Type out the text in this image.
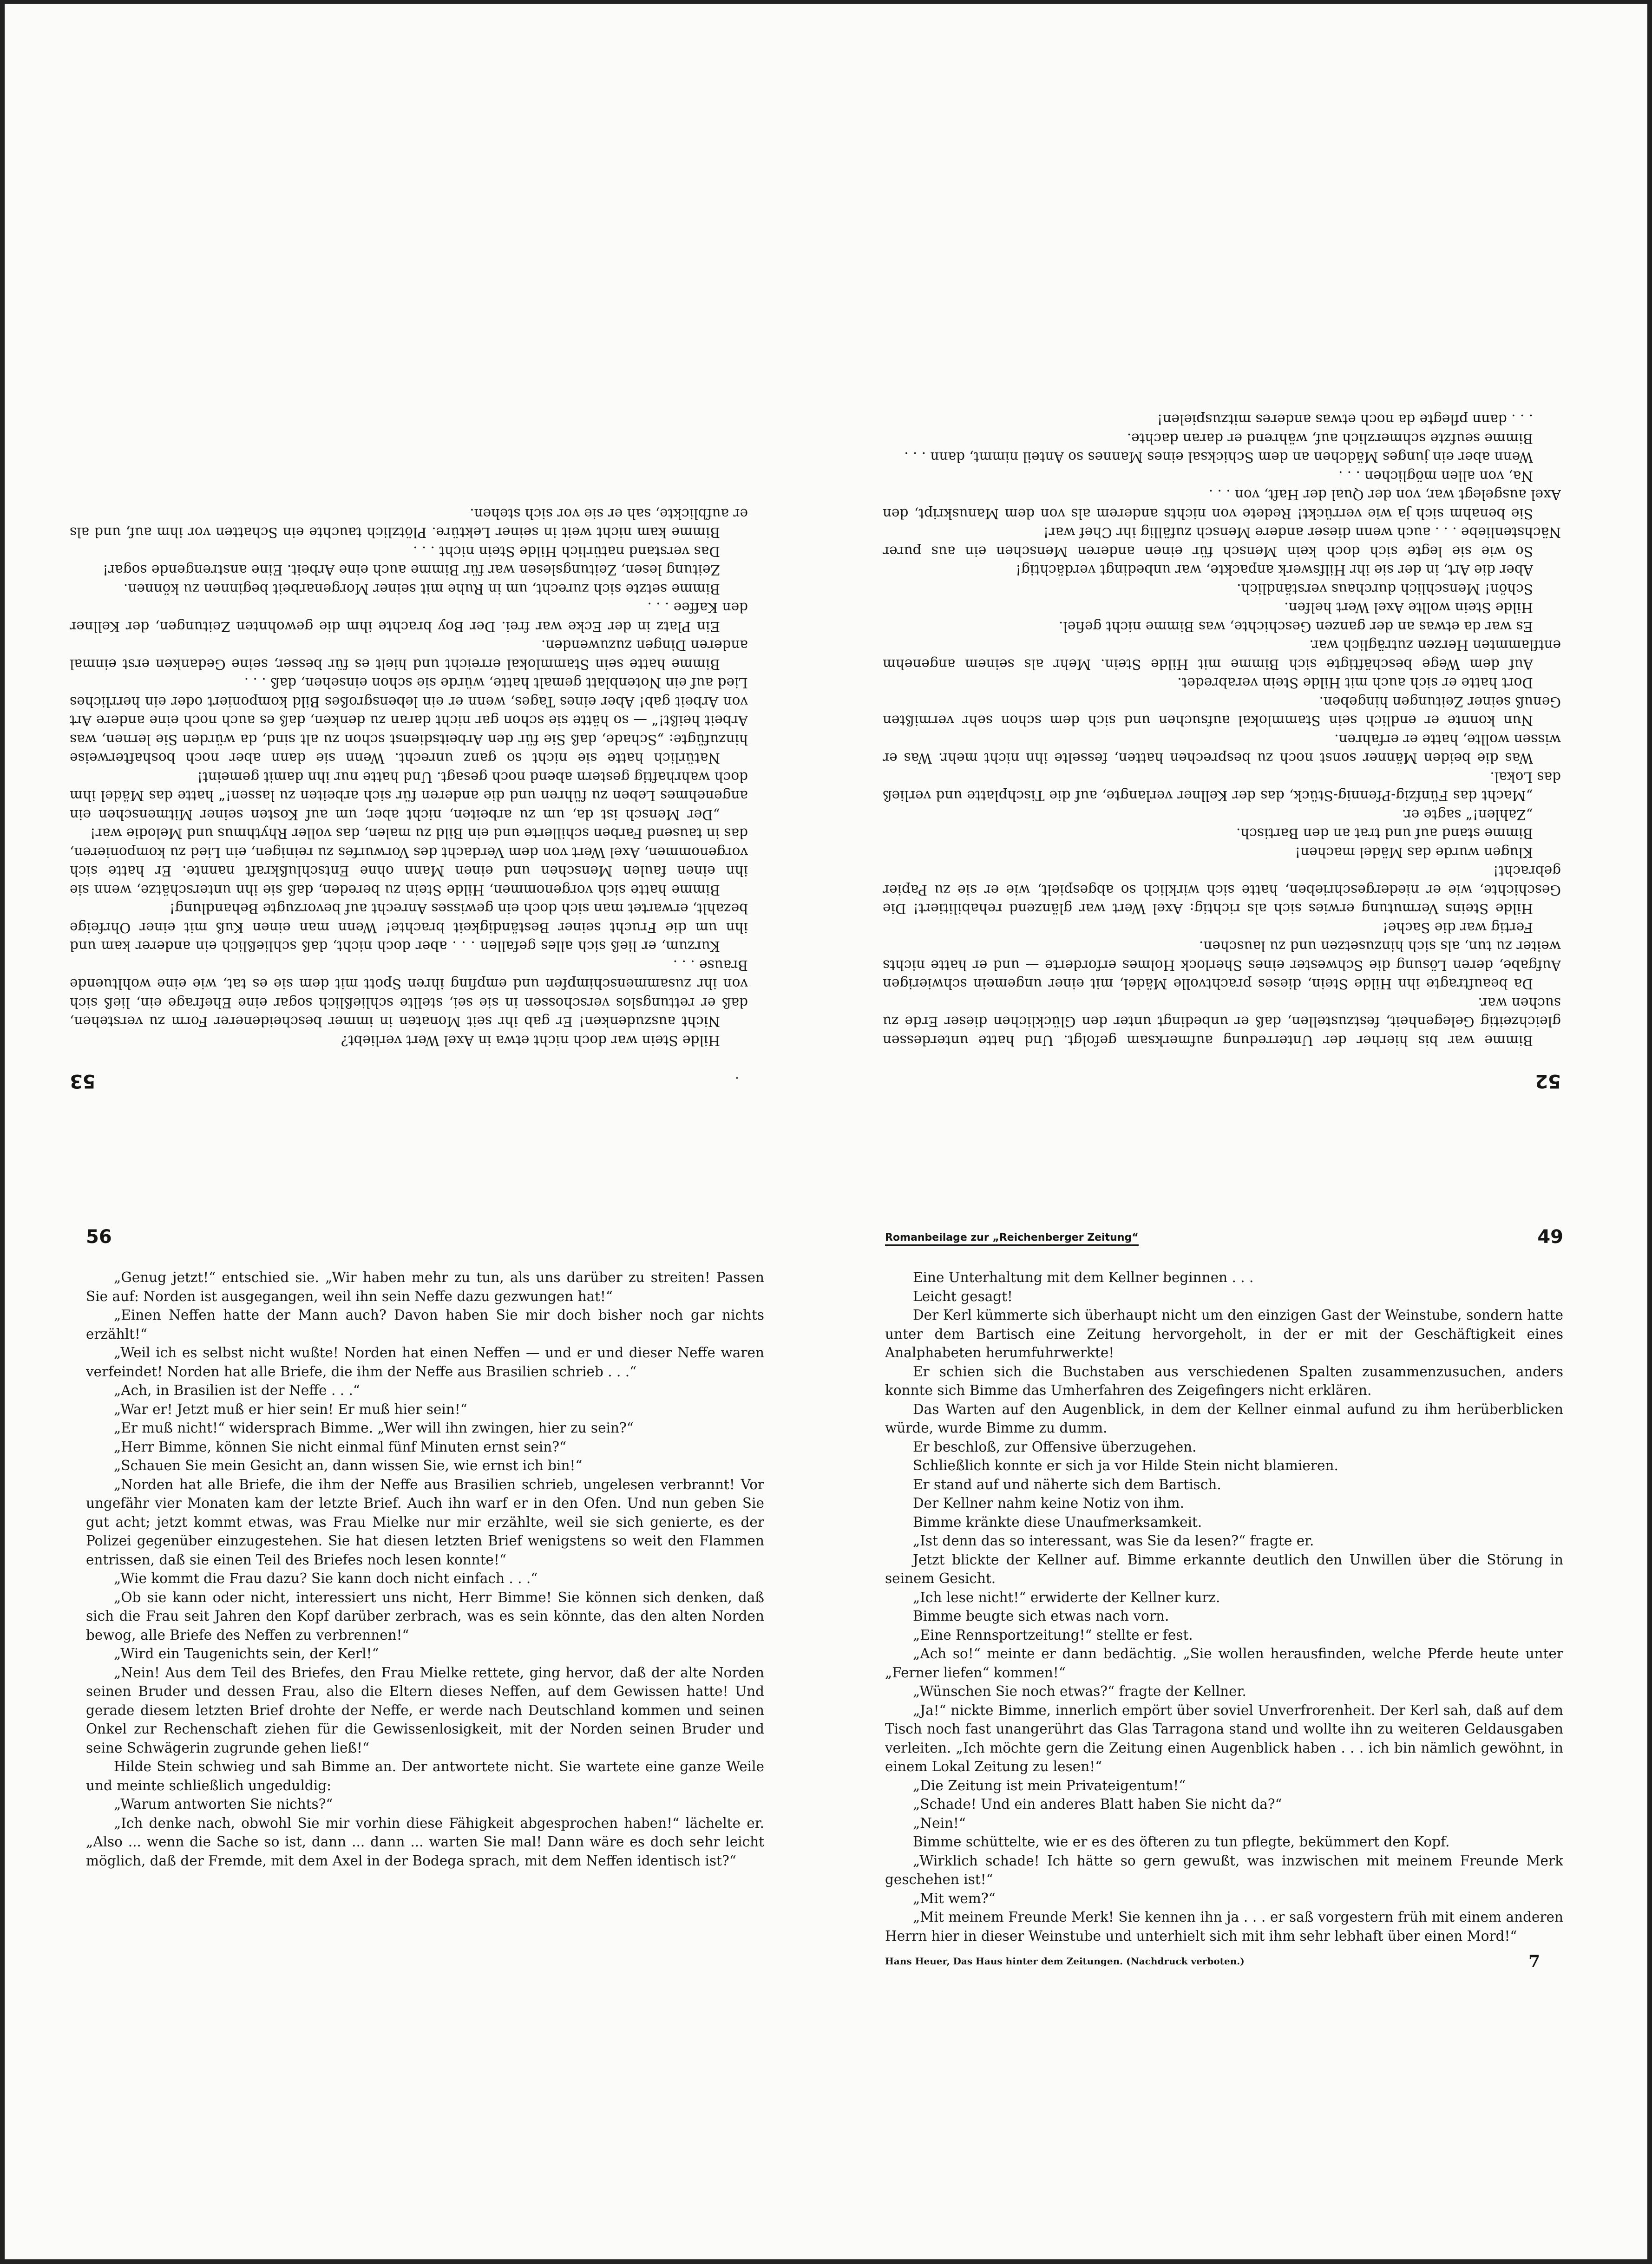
53

Hilde Stein war doch nicht etwa in Axel Wert verliebt?

Nicht auszudenken! Er gab ihr seit Monaten in immer bescheidenerer Form zu verstehen, daß er rettungslos verschossen in sie sei, stellte schließlich sogar eine Ehefrage ein, ließ sich von ihr zusammenschimpfen und empfing ihren Spott mit dem sie es tat, wie eine wohltuende Brause . . .

Kurzum, er ließ sich alles gefallen . . . aber doch nicht, daß schließlich ein anderer kam und ihn um die Frucht seiner Beständigkeit brachte! Wenn man einen Kuß mit einer Ohrfeige bezahlt, erwartet man sich doch ein gewisses Anrecht auf bevorzugte Behandlung!

Bimme hatte sich vorgenommen, Hilde Stein zu bereden, daß sie ihn unterschätze, wenn sie ihn einen faulen Menschen und einen Mann ohne Entschlußkraft nannte. Er hatte sich vorgenommen, Axel Wert von dem Verdacht des Vorwurfes zu reinigen, ein Lied zu komponieren, das in tausend Farben schillerte und ein Bild zu malen, das voller Rhythmus und Melodie war!

„Der Mensch ist da, um zu arbeiten, nicht aber, um auf Kosten seiner Mitmenschen ein angenehmes Leben zu führen und die anderen für sich arbeiten zu lassen!“ hatte das Mädel ihm doch wahrhaftig gestern abend noch gesagt. Und hatte nur ihn damit gemeint!

Natürlich hatte sie nicht so ganz unrecht. Wenn sie dann aber noch boshafterweise hinzufügte: „Schade, daß Sie für den Arbeitsdienst schon zu alt sind, da würden Sie lernen, was Arbeit heißt!“ — so hätte sie schon gar nicht daran zu denken, daß es auch noch eine andere Art von Arbeit gab! Aber eines Tages, wenn er ein lebensgroßes Bild komponiert oder ein herrliches Lied auf ein Notenblatt gemalt hatte, würde sie schon einsehen, daß . . .

Bimme hatte sein Stammlokal erreicht und hielt es für besser, seine Gedanken erst einmal anderen Dingen zuzuwenden.

Ein Platz in der Ecke war frei. Der Boy brachte ihm die gewohnten Zeitungen, der Kellner den Kaffee . . .

Bimme setzte sich zurecht, um in Ruhe mit seiner Morgenarbeit beginnen zu können.

Zeitung lesen, Zeitungslesen war für Bimme auch eine Arbeit. Eine anstrengende sogar!

Das verstand natürlich Hilde Stein nicht . . .

Bimme kam nicht weit in seiner Lektüre. Plötzlich tauchte ein Schatten vor ihm auf, und als er aufblickte, sah er sie vor sich stehen.

52

Bimme war bis hierher der Unterredung aufmerksam gefolgt. Und hatte unterdessen gleichzeitig Gelegenheit, festzustellen, daß er unbedingt unter den Glücklichen dieser Erde zu suchen war.

Da beauftragte ihn Hilde Stein, dieses prachtvolle Mädel, mit einer ungemein schwierigen Aufgabe, deren Lösung die Schwester eines Sherlock Holmes erforderte — und er hatte nichts weiter zu tun, als sich hinzusetzen und zu lauschen.

Fertig war die Sache!

Hilde Steins Vermutung erwies sich als richtig: Axel Wert war glänzend rehabilitiert! Die Geschichte, wie er niedergeschrieben, hatte sich wirklich so abgespielt, wie er sie zu Papier gebracht!

Klugen wurde das Mädel machen!

Bimme stand auf und trat an den Bartisch.

„Zahlen!“ sagte er.

„Macht das Fünfzig-Pfennig-Stück, das der Kellner verlangte, auf die Tischplatte und verließ das Lokal.

Was die beiden Männer sonst noch zu besprechen hatten, fesselte ihn nicht mehr. Was er wissen wollte, hatte er erfahren.

Nun konnte er endlich sein Stammlokal aufsuchen und sich dem schon sehr vermißten Genuß seiner Zeitungen hingeben.

Dort hatte er sich auch mit Hilde Stein verabredet.

Auf dem Wege beschäftigte sich Bimme mit Hilde Stein. Mehr als seinem angenehm entflammten Herzen zuträglich war.

Es war da etwas an der ganzen Geschichte, was Bimme nicht gefiel.

Hilde Stein wollte Axel Wert helfen.

Schön! Menschlich durchaus verständlich.

Aber die Art, in der sie ihr Hilfswerk anpackte, war unbedingt verdächtig!

So wie sie legte sich doch kein Mensch für einen anderen Menschen ein aus purer Nächstenliebe . . . auch wenn dieser andere Mensch zufällig ihr Chef war!

Sie benahm sich ja wie verrückt! Redete von nichts anderem als von dem Manuskript, den Axel ausgelegt war, von der Qual der Haft, von . . .

Na, von allen möglichen . . .

Wenn aber ein junges Mädchen an dem Schicksal eines Mannes so Anteil nimmt, dann . . .

Bimme seufzte schmerzlich auf, während er daran dachte.

. . . dann pflegte da noch etwas anderes mitzuspielen!

56

„Genug jetzt!“ entschied sie. „Wir haben mehr zu tun, als uns darüber zu streiten! Passen Sie auf: Norden ist ausgegangen, weil ihn sein Neffe dazu gezwungen hat!“

„Einen Neffen hatte der Mann auch? Davon haben Sie mir doch bisher noch gar nichts erzählt!“

„Weil ich es selbst nicht wußte! Norden hat einen Neffen — und er und dieser Neffe waren verfeindet! Norden hat alle Briefe, die ihm der Neffe aus Brasilien schrieb . . .“

„Ach, in Brasilien ist der Neffe . . .“

„War er! Jetzt muß er hier sein! Er muß hier sein!“

„Er muß nicht!“ widersprach Bimme. „Wer will ihn zwingen, hier zu sein?“

„Herr Bimme, können Sie nicht einmal fünf Minuten ernst sein?“

„Schauen Sie mein Gesicht an, dann wissen Sie, wie ernst ich bin!“

„Norden hat alle Briefe, die ihm der Neffe aus Brasilien schrieb, ungelesen verbrannt! Vor ungefähr vier Monaten kam der letzte Brief. Auch ihn warf er in den Ofen. Und nun geben Sie gut acht; jetzt kommt etwas, was Frau Mielke nur mir erzählte, weil sie sich genierte, es der Polizei gegenüber einzugestehen. Sie hat diesen letzten Brief wenigstens so weit den Flammen entrissen, daß sie einen Teil des Briefes noch lesen konnte!“

„Wie kommt die Frau dazu? Sie kann doch nicht einfach . . .“

„Ob sie kann oder nicht, interessiert uns nicht, Herr Bimme! Sie können sich denken, daß sich die Frau seit Jahren den Kopf darüber zerbrach, was es sein könnte, das den alten Norden bewog, alle Briefe des Neffen zu verbrennen!“

„Wird ein Taugenichts sein, der Kerl!“

„Nein! Aus dem Teil des Briefes, den Frau Mielke rettete, ging hervor, daß der alte Norden seinen Bruder und dessen Frau, also die Eltern dieses Neffen, auf dem Gewissen hatte! Und gerade diesem letzten Brief drohte der Neffe, er werde nach Deutschland kommen und seinen Onkel zur Rechenschaft ziehen für die Gewissenlosigkeit, mit der Norden seinen Bruder und seine Schwägerin zugrunde gehen ließ!“

Hilde Stein schwieg und sah Bimme an. Der antwortete nicht. Sie wartete eine ganze Weile und meinte schließlich ungeduldig:

„Warum antworten Sie nichts?“

„Ich denke nach, obwohl Sie mir vorhin diese Fähigkeit abgesprochen haben!“ lächelte er. „Also ... wenn die Sache so ist, dann ... dann ... warten Sie mal! Dann wäre es doch sehr leicht möglich, daß der Fremde, mit dem Axel in der Bodega sprach, mit dem Neffen identisch ist?“

Romanbeilage zur „Reichenberger Zeitung“	49

Eine Unterhaltung mit dem Kellner beginnen . . .

Leicht gesagt!

Der Kerl kümmerte sich überhaupt nicht um den einzigen Gast der Weinstube, sondern hatte unter dem Bartisch eine Zeitung hervorgeholt, in der er mit der Geschäftigkeit eines Analphabeten herumfuhrwerkte!

Er schien sich die Buchstaben aus verschiedenen Spalten zusammenzusuchen, anders konnte sich Bimme das Umherfahren des Zeigefingers nicht erklären.

Das Warten auf den Augenblick, in dem der Kellner einmal aufund zu ihm herüberblicken würde, wurde Bimme zu dumm.

Er beschloß, zur Offensive überzugehen.

Schließlich konnte er sich ja vor Hilde Stein nicht blamieren.

Er stand auf und näherte sich dem Bartisch.

Der Kellner nahm keine Notiz von ihm.

Bimme kränkte diese Unaufmerksamkeit.

„Ist denn das so interessant, was Sie da lesen?“ fragte er.

Jetzt blickte der Kellner auf. Bimme erkannte deutlich den Unwillen über die Störung in seinem Gesicht.

„Ich lese nicht!“ erwiderte der Kellner kurz.

Bimme beugte sich etwas nach vorn.

„Eine Rennsportzeitung!“ stellte er fest.

„Ach so!“ meinte er dann bedächtig. „Sie wollen herausfinden, welche Pferde heute unter „Ferner liefen“ kommen!“

„Wünschen Sie noch etwas?“ fragte der Kellner.

„Ja!“ nickte Bimme, innerlich empört über soviel Unverfrorenheit. Der Kerl sah, daß auf dem Tisch noch fast unangerührt das Glas Tarragona stand und wollte ihn zu weiteren Geldausgaben verleiten. „Ich möchte gern die Zeitung einen Augenblick haben . . . ich bin nämlich gewöhnt, in einem Lokal Zeitung zu lesen!“

„Die Zeitung ist mein Privateigentum!“

„Schade! Und ein anderes Blatt haben Sie nicht da?“

„Nein!“

Bimme schüttelte, wie er es des öfteren zu tun pflegte, bekümmert den Kopf.

„Wirklich schade! Ich hätte so gern gewußt, was inzwischen mit meinem Freunde Merk geschehen ist!“

„Mit wem?“

„Mit meinem Freunde Merk! Sie kennen ihn ja . . . er saß vorgestern früh mit einem anderen Herrn hier in dieser Weinstube und unterhielt sich mit ihm sehr lebhaft über einen Mord!“

Hans Heuer, Das Haus hinter dem Zeitungen. (Nachdruck verboten.)	7
